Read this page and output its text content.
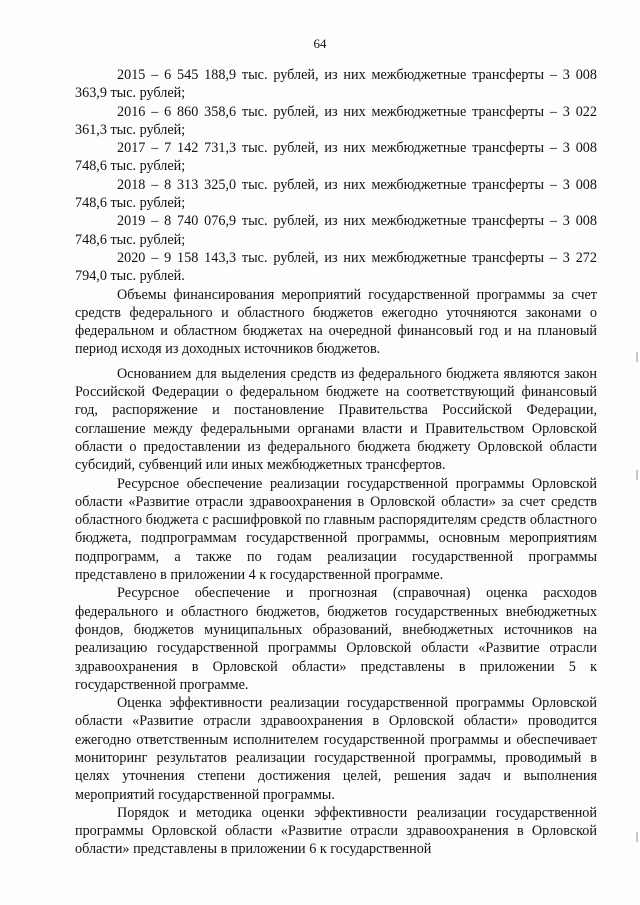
64

2015 – 6 545 188,9 тыс. рублей, из них межбюджетные трансферты – 3 008 363,9 тыс. рублей;

2016 – 6 860 358,6 тыс. рублей, из них межбюджетные трансферты – 3 022 361,3 тыс. рублей;

2017 – 7 142 731,3 тыс. рублей, из них межбюджетные трансферты – 3 008 748,6 тыс. рублей;

2018 – 8 313 325,0 тыс. рублей, из них межбюджетные трансферты – 3 008 748,6 тыс. рублей;

2019 – 8 740 076,9 тыс. рублей, из них межбюджетные трансферты – 3 008 748,6 тыс. рублей;

2020 – 9 158 143,3 тыс. рублей, из них межбюджетные трансферты – 3 272 794,0 тыс. рублей.

Объемы финансирования мероприятий государственной программы за счет средств федерального и областного бюджетов ежегодно уточняются законами о федеральном и областном бюджетах на очередной финансовый год и на плановый период исходя из доходных источников бюджетов.

Основанием для выделения средств из федерального бюджета являются закон Российской Федерации о федеральном бюджете на соответствующий финансовый год, распоряжение и постановление Правительства Российской Федерации, соглашение между федеральными органами власти и Правительством Орловской области о предоставлении из федерального бюджета бюджету Орловской области субсидий, субвенций или иных межбюджетных трансфертов.

Ресурсное обеспечение реализации государственной программы Орловской области «Развитие отрасли здравоохранения в Орловской области» за счет средств областного бюджета с расшифровкой по главным распорядителям средств областного бюджета, подпрограммам государственной программы, основным мероприятиям подпрограмм, а также по годам реализации государственной программы представлено в приложении 4 к государственной программе.

Ресурсное обеспечение и прогнозная (справочная) оценка расходов федерального и областного бюджетов, бюджетов государственных внебюджетных фондов, бюджетов муниципальных образований, внебюджетных источников на реализацию государственной программы Орловской области «Развитие отрасли здравоохранения в Орловской области» представлены в приложении 5 к государственной программе.

Оценка эффективности реализации государственной программы Орловской области «Развитие отрасли здравоохранения в Орловской области» проводится ежегодно ответственным исполнителем государственной программы и обеспечивает мониторинг результатов реализации государственной программы, проводимый в целях уточнения степени достижения целей, решения задач и выполнения мероприятий государственной программы.

Порядок и методика оценки эффективности реализации государственной программы Орловской области «Развитие отрасли здравоохранения в Орловской области» представлены в приложении 6 к государственной
